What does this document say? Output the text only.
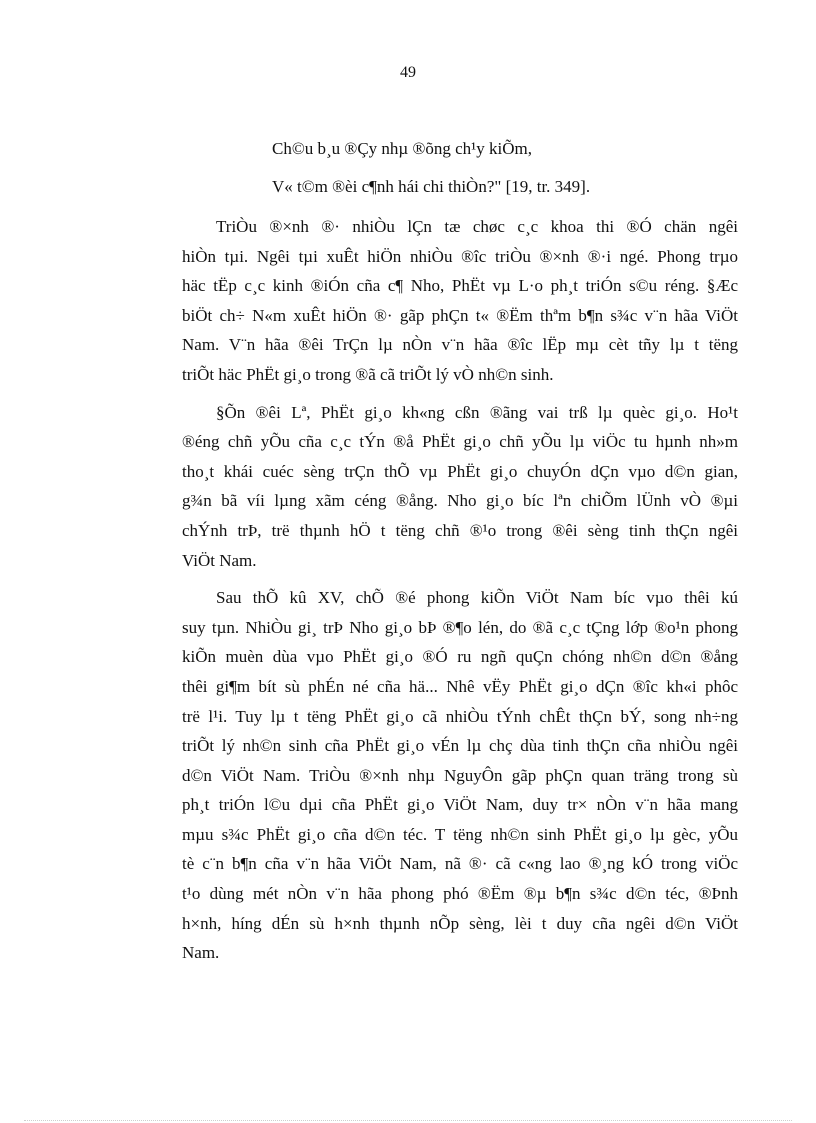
49
Ch©u b¸u ®Çy nhµ ®õng ch¹y kiÕm,
V« t©m ®èi c¶nh hái chi thiÒn?" [19, tr. 349].
TriÒu ®×nh ®· nhiÒu lÇn tæ chøc c¸c khoa thi ®Ó chän ngêi
hiÒn tµi. Ngêi tµi xuÊt hiÖn nhiÒu ®îc triÒu ®×nh ®·i ngé. Phong trµo
häc tËp c¸c kinh ®iÓn cña c¶ Nho, PhËt vµ L·o ph¸t triÓn s©u réng. §Æc
biÖt ch÷ N«m xuÊt hiÖn ®· gãp phÇn t« ®Ëm thªm b¶n s¾c v¨n hãa ViÖt
Nam. V¨n hãa ®êi TrÇn lµ nÒn v¨n hãa ®îc lËp mµ cèt tñy lµ t tëng
triÕt häc PhËt gi¸o trong ®ã cã triÕt lý vÒ nh©n sinh.
§Õn ®êi Lª, PhËt gi¸o kh«ng cßn ®ãng vai trß lµ quèc gi¸o. Ho¹t
®éng chñ yÕu cña c¸c tÝn ®å PhËt gi¸o chñ yÕu lµ viÖc tu hµnh nh»m
tho¸t khái cuéc sèng trÇn thÕ vµ PhËt gi¸o chuyÓn dÇn vµo d©n gian,
g¾n bã víi lµng xãm céng ®ång. Nho gi¸o bíc lªn chiÕm lÜnh vÒ ®µi
chÝnh trÞ, trë thµnh hÖ t tëng chñ ®¹o trong ®êi sèng tinh thÇn ngêi
ViÖt Nam.
Sau thÕ kû XV, chÕ ®é phong kiÕn ViÖt Nam bíc vµo thêi kú
suy tµn. NhiÒu gi¸ trÞ Nho gi¸o bÞ ®¶o lén, do ®ã c¸c tÇng lớp ®o¹n phong
kiÕn muèn dùa vµo PhËt gi¸o ®Ó ru ngñ quÇn chóng nh©n d©n ®ång
thêi gi¶m bít sù phÉn né cña hä... Nhê vËy PhËt gi¸o dÇn ®îc kh«i phôc
trë l¹i. Tuy lµ t tëng PhËt gi¸o cã nhiÒu tÝnh chÊt thÇn bÝ, song nh÷ng
triÕt lý nh©n sinh cña PhËt gi¸o vÉn lµ chç dùa tinh thÇn cña nhiÒu ngêi
d©n ViÖt Nam. TriÒu ®×nh nhµ NguyÔn gãp phÇn quan träng trong sù
ph¸t triÓn l©u dµi cña PhËt gi¸o ViÖt Nam, duy tr× nÒn v¨n hãa mang
mµu s¾c PhËt gi¸o cña d©n téc. T tëng nh©n sinh PhËt gi¸o lµ gèc, yÕu
tè c¨n b¶n cña v¨n hãa ViÖt Nam, nã ®· cã c«ng lao ®¸ng kÓ trong viÖc
t¹o dùng mét nÒn v¨n hãa phong phó ®Ëm ®µ b¶n s¾c d©n téc, ®Þnh
h×nh, híng dÉn sù h×nh thµnh nÕp sèng, lèi t duy cña ngêi d©n ViÖt
Nam.
